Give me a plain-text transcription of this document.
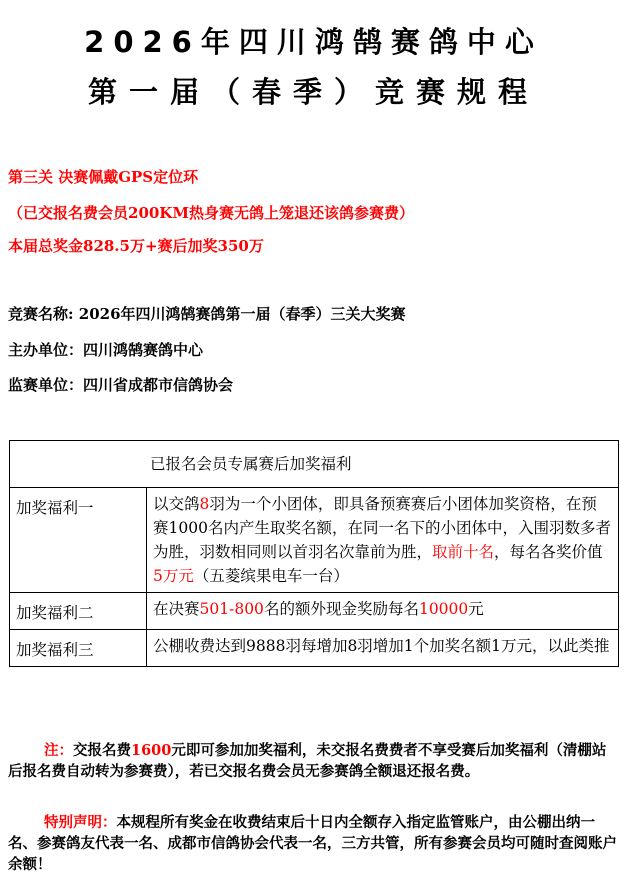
2026年四川鸿鹄赛鸽中心
第一届（春季）竞赛规程
第三关 决赛佩戴GPS定位环
（已交报名费会员200KM热身赛无鸽上笼退还该鸽参赛费）
本届总奖金828.5万+赛后加奖350万
竞赛名称: 2026年四川鸿鹄赛鸽第一届（春季）三关大奖赛
主办单位：四川鸿鹄赛鸽中心
监赛单位：四川省成都市信鸽协会
已报名会员专属赛后加奖福利	
加奖福利一	以交鸽8羽为一个小团体，即具备预赛赛后小团体加奖资格，在预赛1000名内产生取奖名额，在同一名下的小团体中，入围羽数多者为胜，羽数相同则以首羽名次靠前为胜，取前十名，每名各奖价值5万元（五菱缤果电车一台）
加奖福利二	在决赛501-800名的额外现金奖励每名10000元
加奖福利三	公棚收费达到9888羽每增加8羽增加1个加奖名额1万元，以此类推
注：交报名费1600元即可参加加奖福利，未交报名费费者不享受赛后加奖福利（清棚站后报名费自动转为参赛费），若已交报名费会员无参赛鸽全额退还报名费。
特别声明：本规程所有奖金在收费结束后十日内全额存入指定监管账户，由公棚出纳一名、参赛鸽友代表一名、成都市信鸽协会代表一名，三方共管，所有参赛会员均可随时查阅账户余额！
